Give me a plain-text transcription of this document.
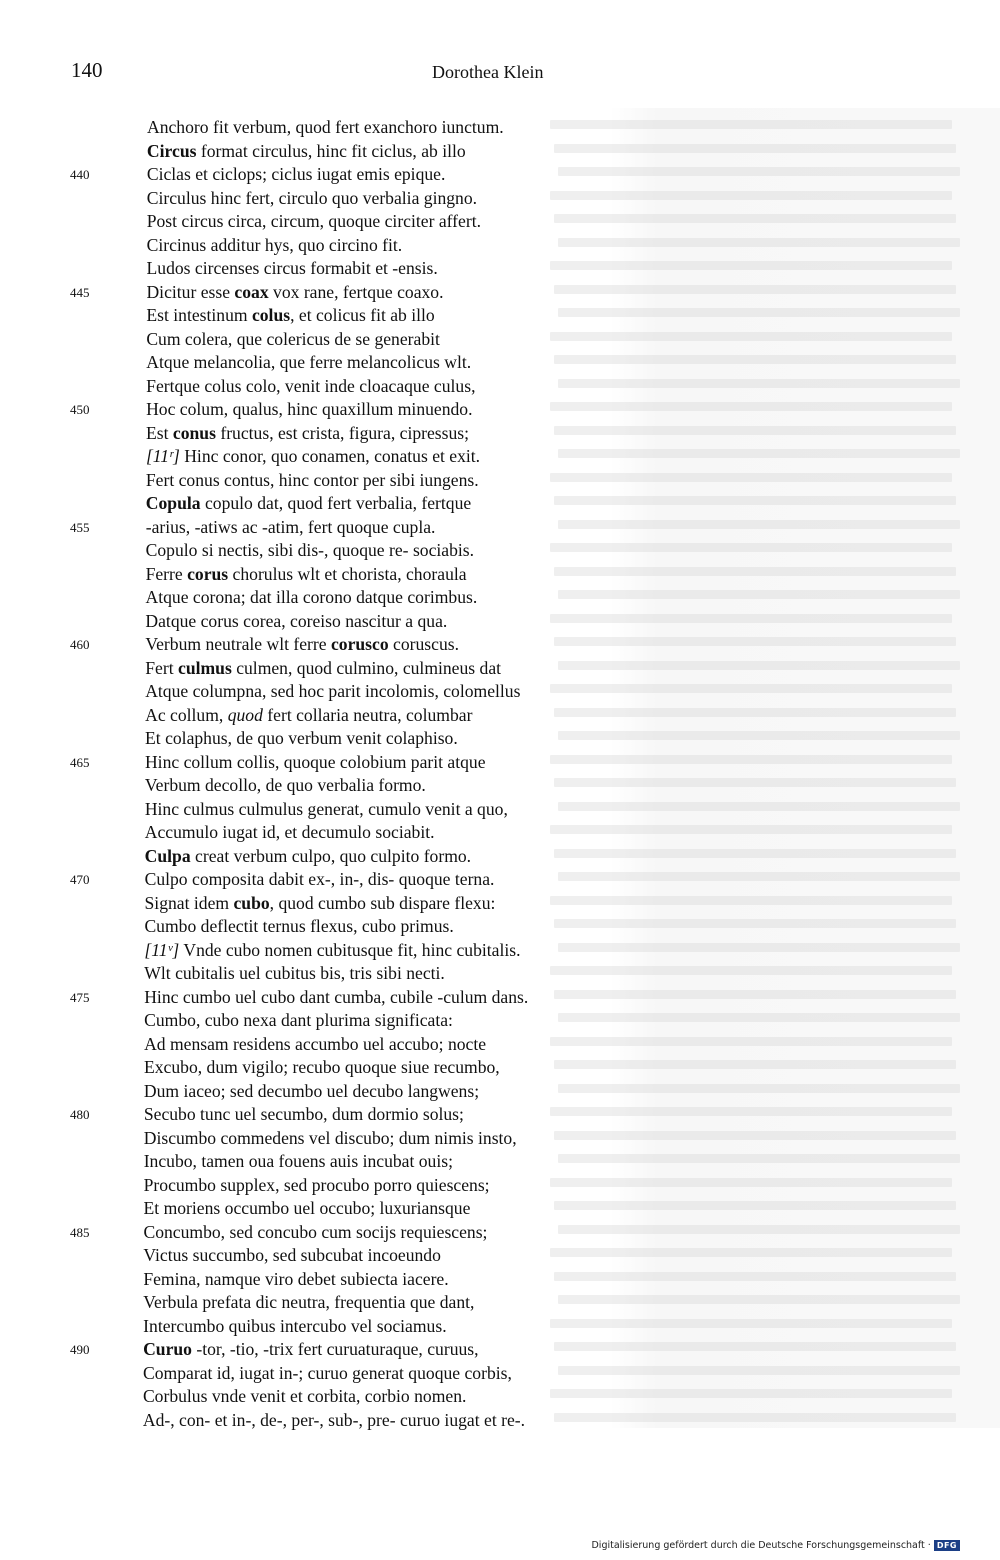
140	Dorothea Klein
Anchoro fit verbum, quod fert exanchoro iunctum.
Circus format circulus, hinc fit ciclus, ab illo
440	Ciclas et ciclops; ciclus iugat emis epique.
Circulus hinc fert, circulo quo verbalia gingno.
Post circus circa, circum, quoque circiter affert.
Circinus additur hys, quo circino fit.
Ludos circenses circus formabit et -ensis.
445	Dicitur esse coax vox rane, fertque coaxo.
Est intestinum colus, et colicus fit ab illo
Cum colera, que colericus de se generabit
Atque melancolia, que ferre melancolicus wlt.
Fertque colus colo, venit inde cloacaque culus,
450	Hoc colum, qualus, hinc quaxillum minuendo.
Est conus fructus, est crista, figura, cipressus;
[11ʳ] Hinc conor, quo conamen, conatus et exit.
Fert conus contus, hinc contor per sibi iungens.
Copula copulo dat, quod fert verbalia, fertque
455	-arius, -atiws ac -atim, fert quoque cupla.
Copulo si nectis, sibi dis-, quoque re- sociabis.
Ferre corus chorulus wlt et chorista, choraula
Atque corona; dat illa corono datque corimbus.
Datque corus corea, coreiso nascitur a qua.
460	Verbum neutrale wlt ferre corusco coruscus.
Fert culmus culmen, quod culmino, culmineus dat
Atque columpna, sed hoc parit incolomis, colomellus
Ac collum, quod fert collaria neutra, columbar
Et colaphus, de quo verbum venit colaphiso.
465	Hinc collum collis, quoque colobium parit atque
Verbum decollo, de quo verbalia formo.
Hinc culmus culmulus generat, cumulo venit a quo,
Accumulo iugat id, et decumulo sociabit.
Culpa creat verbum culpo, quo culpito formo.
470	Culpo composita dabit ex-, in-, dis- quoque terna.
Signat idem cubo, quod cumbo sub dispare flexu:
Cumbo deflectit ternus flexus, cubo primus.
[11ᵛ] Vnde cubo nomen cubitusque fit, hinc cubitalis.
Wlt cubitalis uel cubitus bis, tris sibi necti.
475	Hinc cumbo uel cubo dant cumba, cubile -culum dans.
Cumbo, cubo nexa dant plurima significata:
Ad mensam residens accumbo uel accubo; nocte
Excubo, dum vigilo; recubo quoque siue recumbo,
Dum iaceo; sed decumbo uel decubo langwens;
480	Secubo tunc uel secumbo, dum dormio solus;
Discumbo commedens vel discubo; dum nimis insto,
Incubo, tamen oua fouens auis incubat ouis;
Procumbo supplex, sed procubo porro quiescens;
Et moriens occumbo uel occubo; luxuriansque
485	Concumbo, sed concubo cum socijs requiescens;
Victus succumbo, sed subcubat incoeundo
Femina, namque viro debet subiecta iacere.
Verbula prefata dic neutra, frequentia que dant,
Intercumbo quibus intercubo vel sociamus.
490	Curuo -tor, -tio, -trix fert curuaturaque, curuus,
Comparat id, iugat in-; curuo generat quoque corbis,
Corbulus vnde venit et corbita, corbio nomen.
Ad-, con- et in-, de-, per-, sub-, pre- curuo iugat et re-.
Digitalisierung gefördert durch die Deutsche Forschungsgemeinschaft · DFG
